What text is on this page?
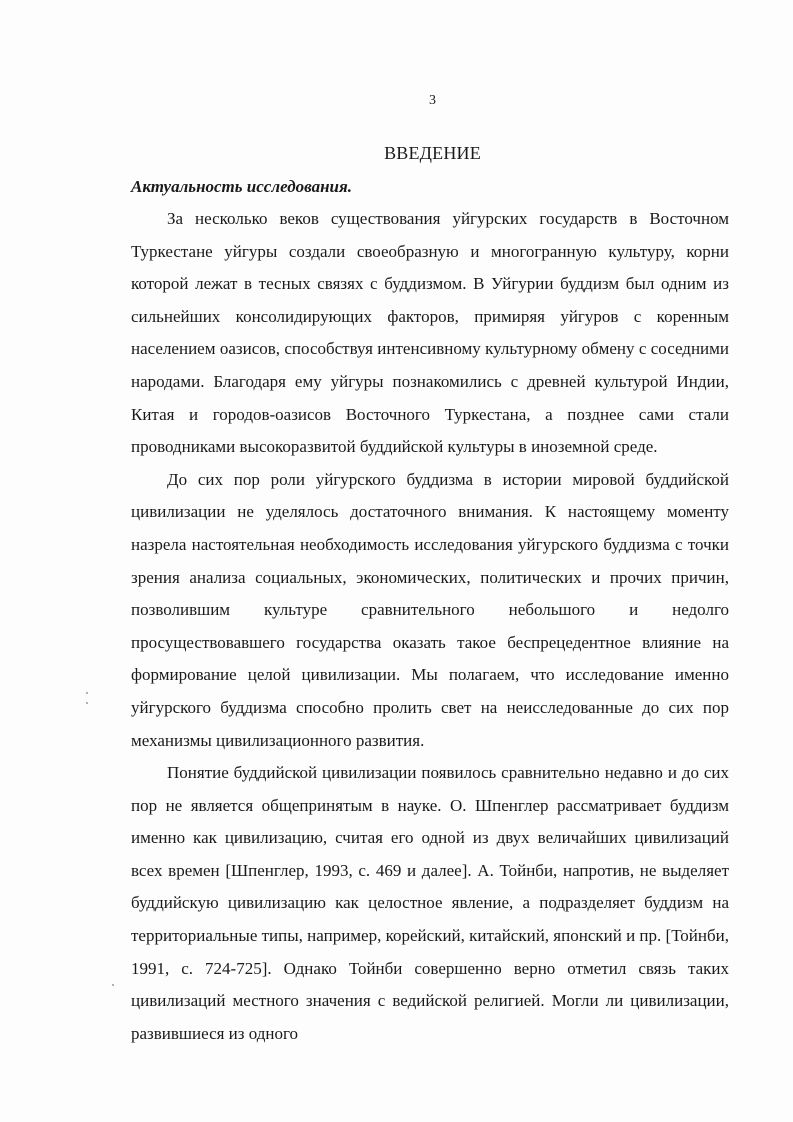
3
ВВЕДЕНИЕ
Актуальность исследования.

За несколько веков существования уйгурских государств в Восточном Туркестане уйгуры создали своеобразную и многогранную культуру, корни которой лежат в тесных связях с буддизмом. В Уйгурии буддизм был одним из сильнейших консолидирующих факторов, примиряя уйгуров с коренным населением оазисов, способствуя интенсивному культурному обмену с соседними народами. Благодаря ему уйгуры познакомились с древней культурой Индии, Китая и городов-оазисов Восточного Туркестана, а позднее сами стали проводниками высокоразвитой буддийской культуры в иноземной среде.

До сих пор роли уйгурского буддизма в истории мировой буддийской цивилизации не уделялось достаточного внимания. К настоящему моменту назрела настоятельная необходимость исследования уйгурского буддизма с точки зрения анализа социальных, экономических, политических и прочих причин, позволившим культуре сравнительного небольшого и недолго просуществовавшего государства оказать такое беспрецедентное влияние на формирование целой цивилизации. Мы полагаем, что исследование именно уйгурского буддизма способно пролить свет на неисследованные до сих пор механизмы цивилизационного развития.

Понятие буддийской цивилизации появилось сравнительно недавно и до сих пор не является общепринятым в науке. О. Шпенглер рассматривает буддизм именно как цивилизацию, считая его одной из двух величайших цивилизаций всех времен [Шпенглер, 1993, с. 469 и далее]. А. Тойнби, напротив, не выделяет буддийскую цивилизацию как целостное явление, а подразделяет буддизм на территориальные типы, например, корейский, китайский, японский и пр. [Тойнби, 1991, с. 724-725]. Однако Тойнби совершенно верно отметил связь таких цивилизаций местного значения с ведийской религией. Могли ли цивилизации, развившиеся из одного
